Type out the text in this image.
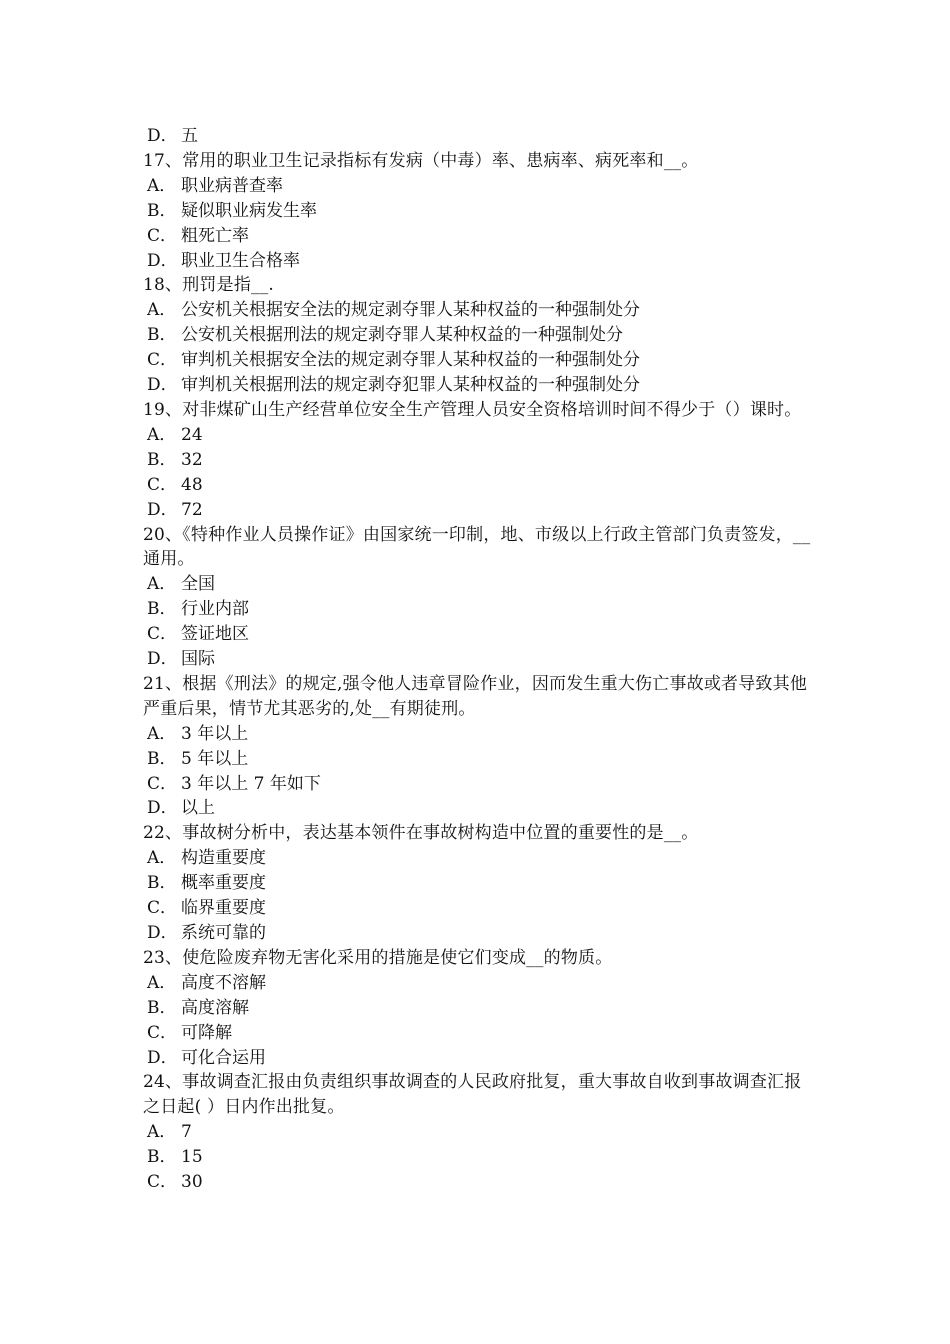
D． 五
17、常用的职业卫生记录指标有发病（中毒）率、患病率、病死率和__。
A． 职业病普查率
B． 疑似职业病发生率
C． 粗死亡率
D． 职业卫生合格率
18、刑罚是指__.
A． 公安机关根据安全法的规定剥夺罪人某种权益的一种强制处分
B． 公安机关根据刑法的规定剥夺罪人某种权益的一种强制处分
C． 审判机关根据安全法的规定剥夺罪人某种权益的一种强制处分
D． 审判机关根据刑法的规定剥夺犯罪人某种权益的一种强制处分
19、对非煤矿山生产经营单位安全生产管理人员安全资格培训时间不得少于（）课时。
A． 24
B． 32
C． 48
D． 72
20、《特种作业人员操作证》由国家统一印制，地、市级以上行政主管部门负责签发，__通用。
A． 全国
B． 行业内部
C． 签证地区
D． 国际
21、根据《刑法》的规定,强令他人违章冒险作业，因而发生重大伤亡事故或者导致其他严重后果，情节尤其恶劣的,处__有期徒刑。
A． 3 年以上
B． 5 年以上
C． 3 年以上 7 年如下
D． 以上
22、事故树分析中，表达基本领件在事故树构造中位置的重要性的是__。
A． 构造重要度
B． 概率重要度
C． 临界重要度
D． 系统可靠的
23、使危险废弃物无害化采用的措施是使它们变成__的物质。
A． 高度不溶解
B． 高度溶解
C． 可降解
D． 可化合运用
24、事故调查汇报由负责组织事故调查的人民政府批复，重大事故自收到事故调查汇报之日起( ）日内作出批复。
A． 7
B． 15
C． 30
